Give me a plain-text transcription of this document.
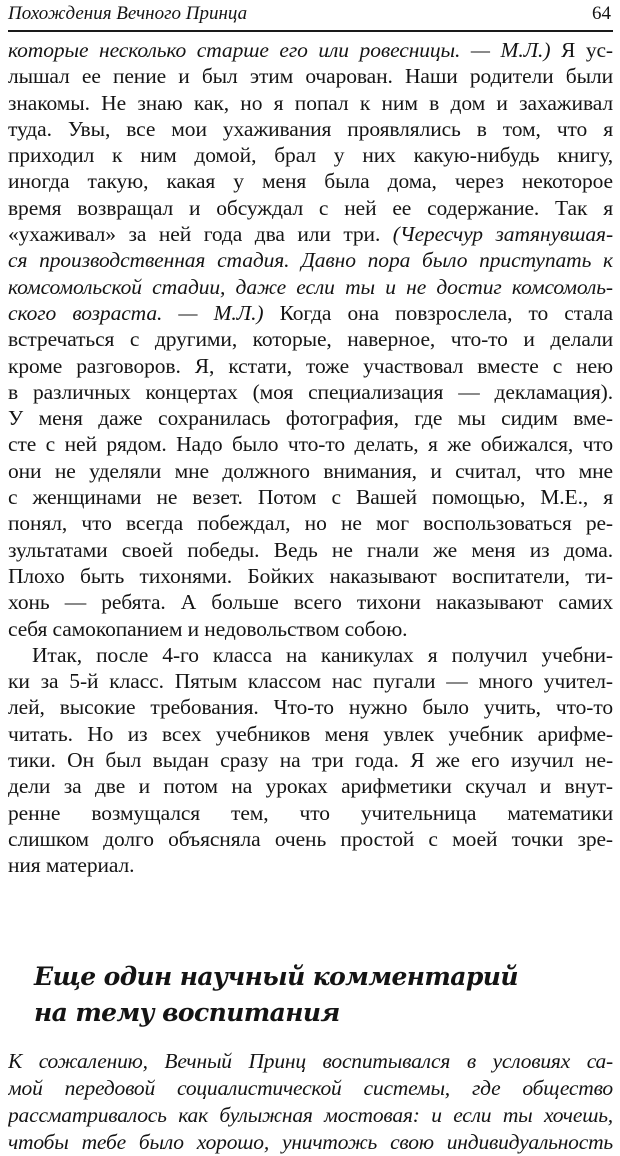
Похождения Вечного Принца	64
которые несколько старше его или ровесницы. — М.Л.) Я ус-
лышал ее пение и был этим очарован. Наши родители были
знакомы. Не знаю как, но я попал к ним в дом и захаживал
туда. Увы, все мои ухаживания проявлялись в том, что я
приходил к ним домой, брал у них какую-нибудь книгу,
иногда такую, какая у меня была дома, через некоторое
время возвращал и обсуждал с ней ее содержание. Так я
«ухаживал» за ней года два или три. (Чересчур затянувшая-
ся производственная стадия. Давно пора было приступать к
комсомольской стадии, даже если ты и не достиг комсомоль-
ского возраста. — М.Л.) Когда она повзрослела, то стала
встречаться с другими, которые, наверное, что-то и делали
кроме разговоров. Я, кстати, тоже участвовал вместе с нею
в различных концертах (моя специализация — декламация).
У меня даже сохранилась фотография, где мы сидим вме-
сте с ней рядом. Надо было что-то делать, я же обижался, что
они не уделяли мне должного внимания, и считал, что мне
с женщинами не везет. Потом с Вашей помощью, М.Е., я
понял, что всегда побеждал, но не мог воспользоваться ре-
зультатами своей победы. Ведь не гнали же меня из дома.
Плохо быть тихонями. Бойких наказывают воспитатели, ти-
хонь — ребята. А больше всего тихони наказывают самих
себя самокопанием и недовольством собою.
Итак, после 4-го класса на каникулах я получил учебни-
ки за 5-й класс. Пятым классом нас пугали — много учител-
лей, высокие требования. Что-то нужно было учить, что-то
читать. Но из всех учебников меня увлек учебник арифме-
тики. Он был выдан сразу на три года. Я же его изучил не-
дели за две и потом на уроках арифметики скучал и внут-
ренне возмущался тем, что учительница математики
слишком долго объясняла очень простой с моей точки зре-
ния материал.
Еще один научный комментарий
на тему воспитания
К сожалению, Вечный Принц воспитывался в условиях са-
мой передовой социалистической системы, где общество
рассматривалось как булыжная мостовая: и если ты хочешь,
чтобы тебе было хорошо, уничтожь свою индивидуальность
